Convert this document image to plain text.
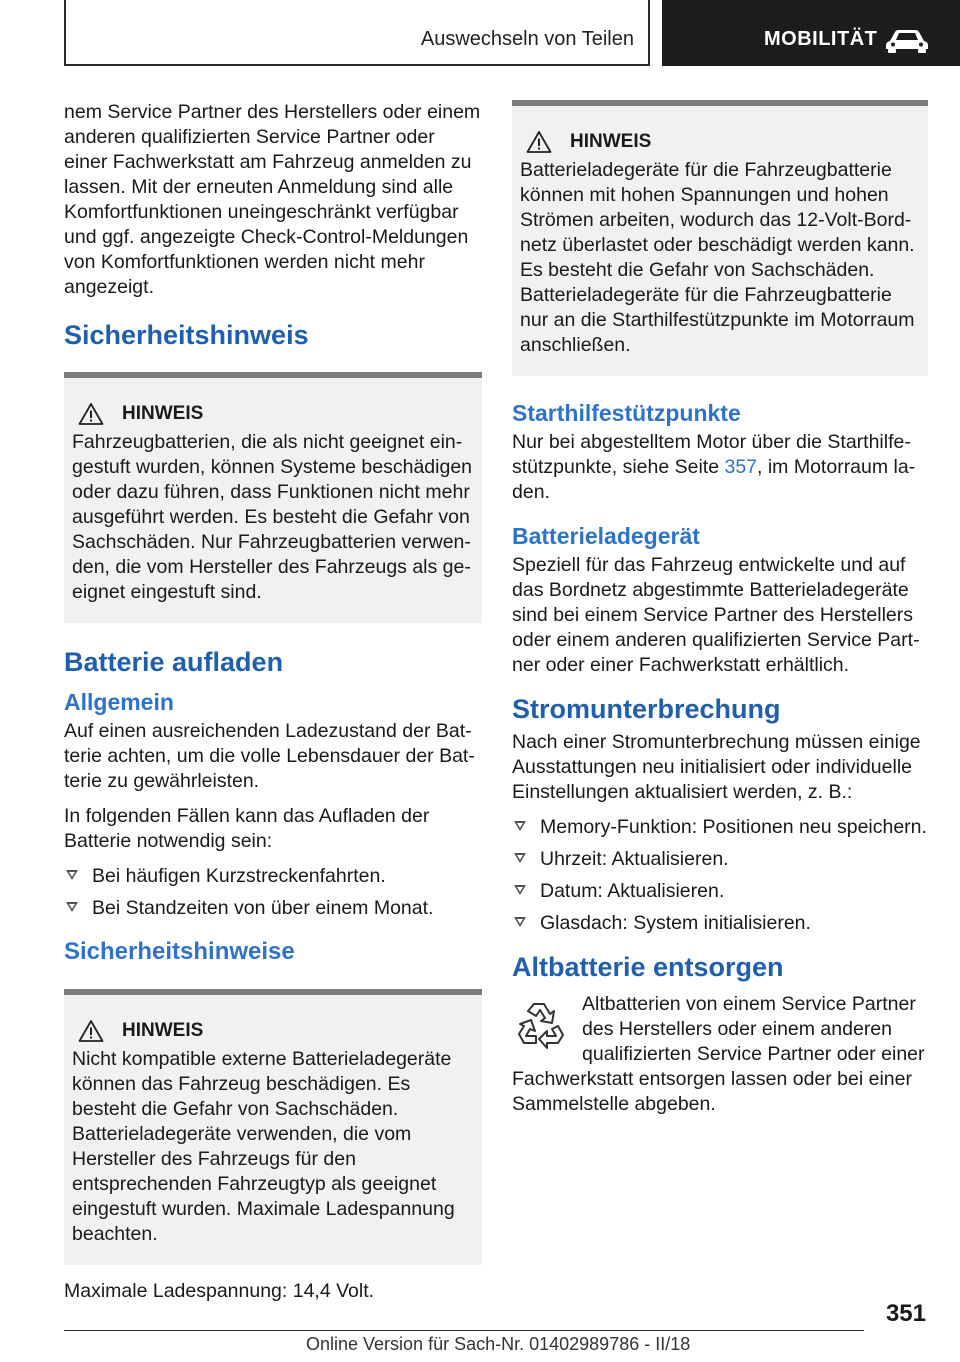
Auswechseln von Teilen	MOBILITÄT

nem Service Partner des Herstellers oder einem anderen qualifizierten Service Partner oder einer Fachwerkstatt am Fahrzeug anmelden zu lassen. Mit der erneuten Anmeldung sind alle Komfortfunktionen uneingeschränkt verfügbar und ggf. angezeigte Check-Control-Meldungen von Komfortfunktionen werden nicht mehr angezeigt.

Sicherheitshinweis
HINWEIS

Fahrzeugbatterien, die als nicht geeignet eingestuft wurden, können Systeme beschädigen oder dazu führen, dass Funktionen nicht mehr ausgeführt werden. Es besteht die Gefahr von Sachschäden. Nur Fahrzeugbatterien verwenden, die vom Hersteller des Fahrzeugs als geeignet eingestuft sind.

Batterie aufladen
Allgemein

Auf einen ausreichenden Ladezustand der Batterie achten, um die volle Lebensdauer der Batterie zu gewährleisten.

In folgenden Fällen kann das Aufladen der Batterie notwendig sein:

Bei häufigen Kurzstreckenfahrten.
Bei Standzeiten von über einem Monat.
Sicherheitshinweise
HINWEIS

Nicht kompatible externe Batterieladegeräte können das Fahrzeug beschädigen. Es besteht die Gefahr von Sachschäden. Batterieladegeräte verwenden, die vom Hersteller des Fahrzeugs für den entsprechenden Fahrzeugtyp als geeignet eingestuft wurden. Maximale Ladespannung beachten.

Maximale Ladespannung: 14,4 Volt.

HINWEIS

Batterieladegeräte für die Fahrzeugbatterie können mit hohen Spannungen und hohen Strömen arbeiten, wodurch das 12-Volt-Bordnetz überlastet oder beschädigt werden kann. Es besteht die Gefahr von Sachschäden. Batterieladegeräte für die Fahrzeugbatterie nur an die Starthilfestützpunkte im Motorraum anschließen.

Starthilfestützpunkte

Nur bei abgestelltem Motor über die Starthilfestützpunkte, siehe Seite 357, im Motorraum laden.

Batterieladegerät

Speziell für das Fahrzeug entwickelte und auf das Bordnetz abgestimmte Batterieladegeräte sind bei einem Service Partner des Herstellers oder einem anderen qualifizierten Service Partner oder einer Fachwerkstatt erhältlich.

Stromunterbrechung

Nach einer Stromunterbrechung müssen einige Ausstattungen neu initialisiert oder individuelle Einstellungen aktualisiert werden, z. B.:

Memory-Funktion: Positionen neu speichern.
Uhrzeit: Aktualisieren.
Datum: Aktualisieren.
Glasdach: System initialisieren.
Altbatterie entsorgen

Altbatterien von einem Service Partner des Herstellers oder einem anderen qualifizierten Service Partner oder einer Fachwerkstatt entsorgen lassen oder bei einer Sammelstelle abgeben.

351
Online Version für Sach-Nr. 01402989786 - II/18
